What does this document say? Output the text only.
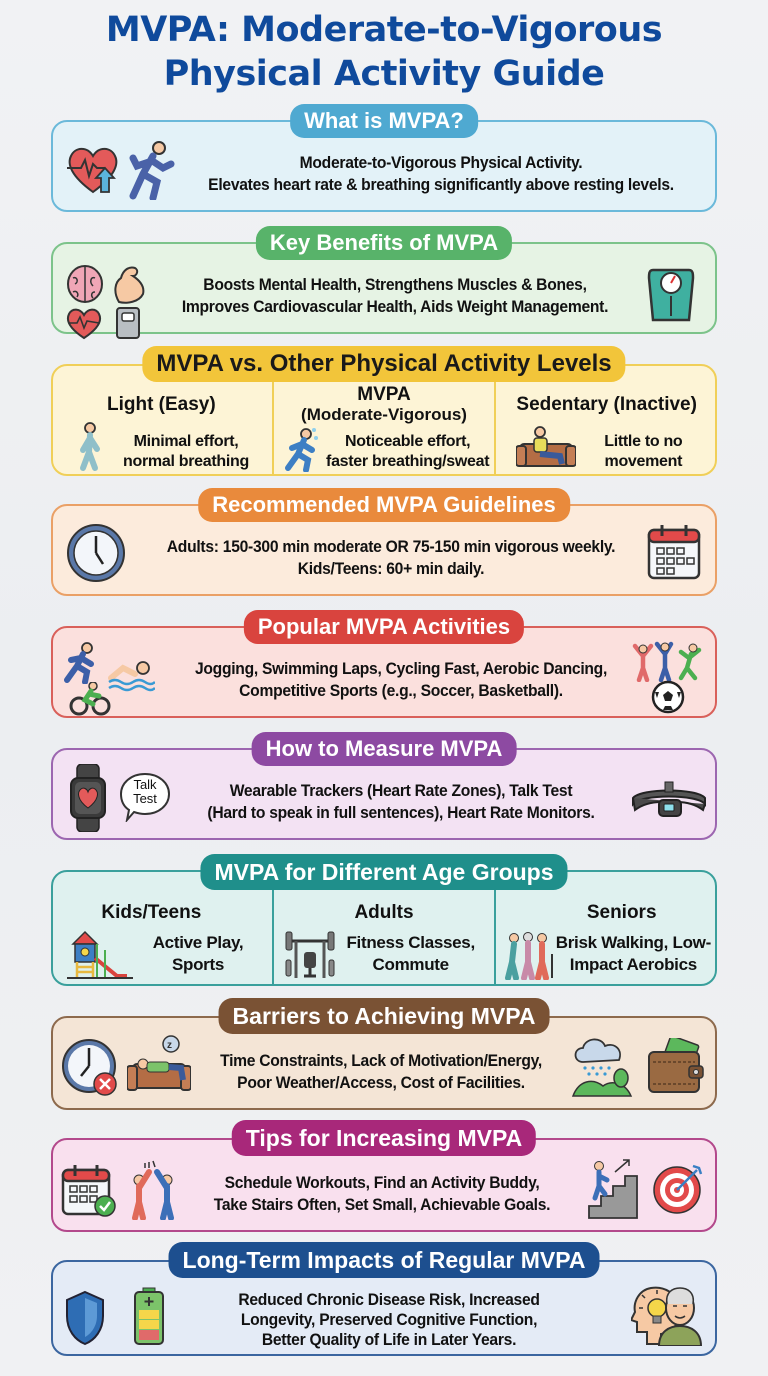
MVPA: Moderate-to-Vigorous
Physical Activity Guide
What is MVPA?
Moderate-to-Vigorous Physical Activity.
Elevates heart rate & breathing significantly above resting levels.
Key Benefits of MVPA
Boosts Mental Health, Strengthens Muscles & Bones,
Improves Cardiovascular Health, Aids Weight Management.
MVPA vs. Other Physical Activity Levels
Light (Easy)
Minimal effort,
normal breathing
MVPA
(Moderate-Vigorous)
Noticeable effort,
faster breathing/sweat
Sedentary (Inactive)
Little to no
movement
Recommended MVPA Guidelines
Adults: 150-300 min moderate OR 75-150 min vigorous weekly.
Kids/Teens: 60+ min daily.
Popular MVPA Activities
Jogging, Swimming Laps, Cycling Fast, Aerobic Dancing,
Competitive Sports (e.g., Soccer, Basketball).
How to Measure MVPA
Talk
Test	Wearable Trackers (Heart Rate Zones), Talk Test
(Hard to speak in full sentences), Heart Rate Monitors.
MVPA for Different Age Groups
Kids/Teens
Active Play,
Sports
Adults
Fitness Classes,
Commute
Seniors
Brisk Walking, Low-
Impact Aerobics
Barriers to Achieving MVPA
z
Time Constraints, Lack of Motivation/Energy,
Poor Weather/Access, Cost of Facilities.
Tips for Increasing MVPA
Schedule Workouts, Find an Activity Buddy,
Take Stairs Often, Set Small, Achievable Goals.
Long-Term Impacts of Regular MVPA
Reduced Chronic Disease Risk, Increased
Longevity, Preserved Cognitive Function,
Better Quality of Life in Later Years.
